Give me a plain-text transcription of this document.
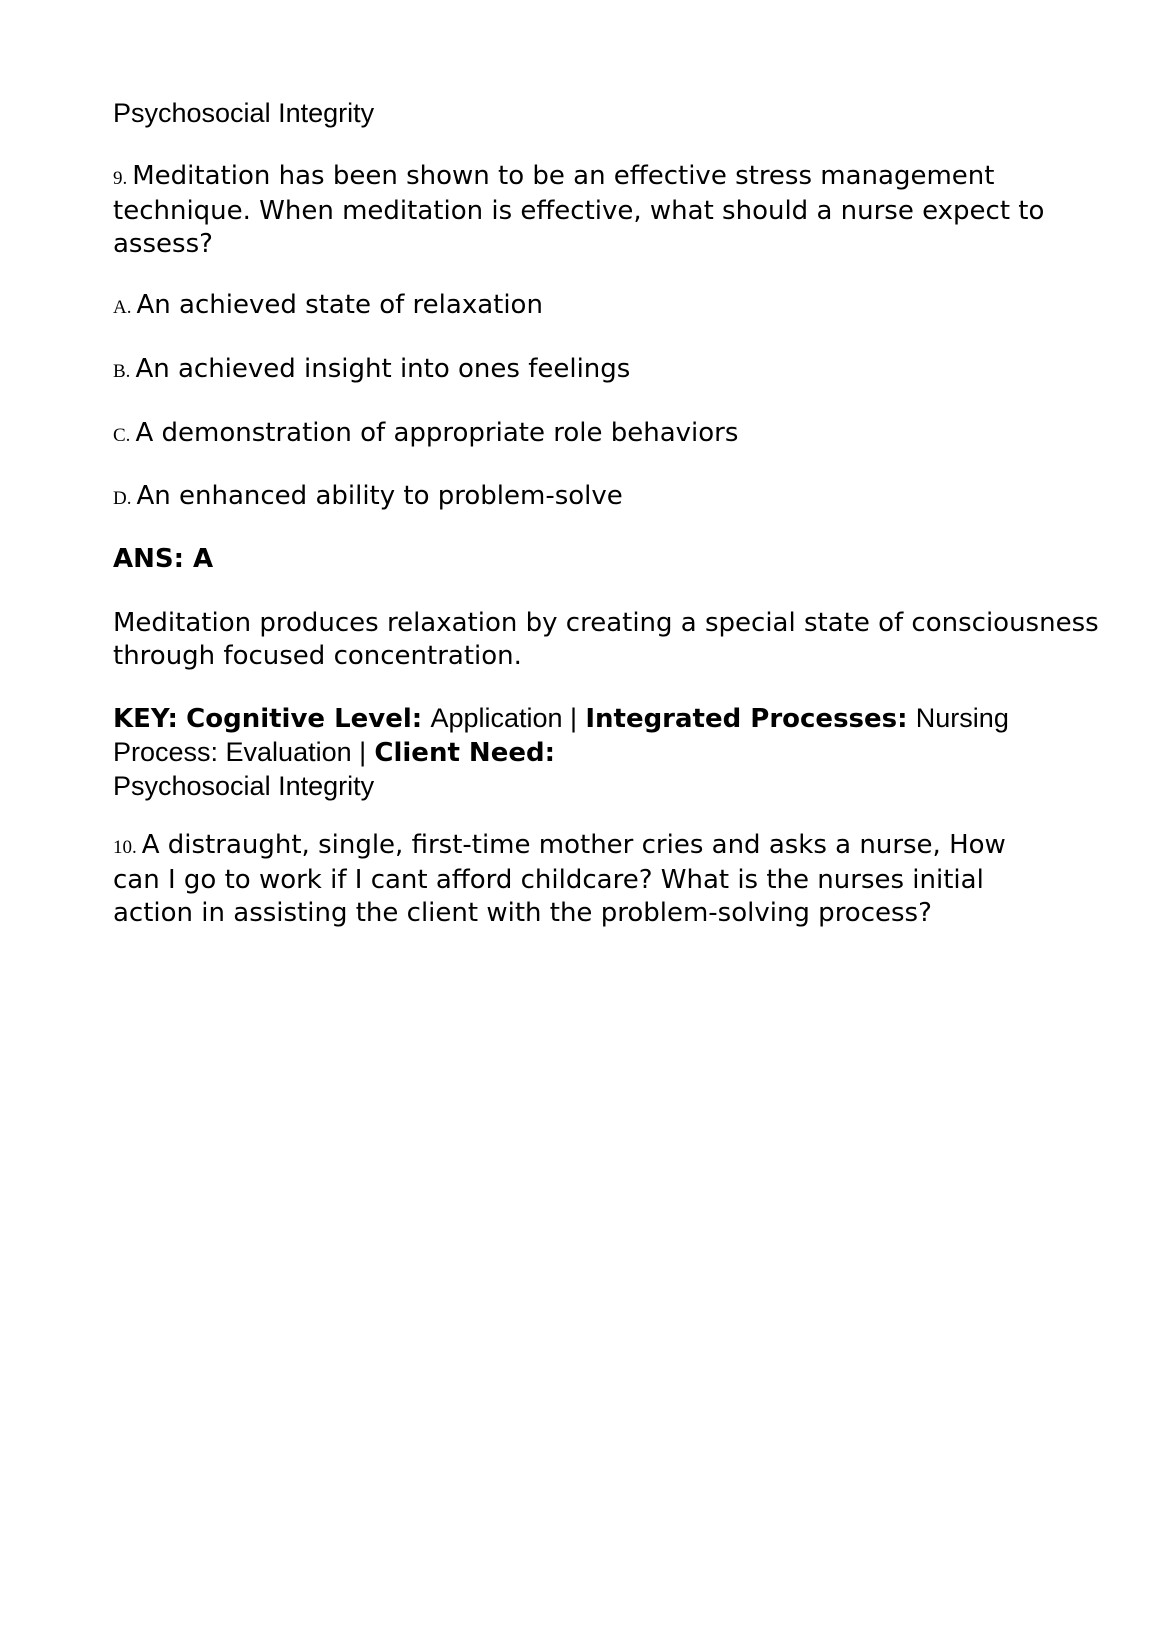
Psychosocial Integrity
9. Meditation has been shown to be an effective stress management
technique. When meditation is effective, what should a nurse expect to
assess?
A. An achieved state of relaxation
B. An achieved insight into ones feelings
C. A demonstration of appropriate role behaviors
D. An enhanced ability to problem-solve
ANS: A
Meditation produces relaxation by creating a special state of consciousness
through focused concentration.
KEY: Cognitive Level: Application | Integrated Processes: Nursing
Process: Evaluation | Client Need:
Psychosocial Integrity
10. A distraught, single, first-time mother cries and asks a nurse, How
can I go to work if I cant afford childcare? What is the nurses initial
action in assisting the client with the problem-solving process?
